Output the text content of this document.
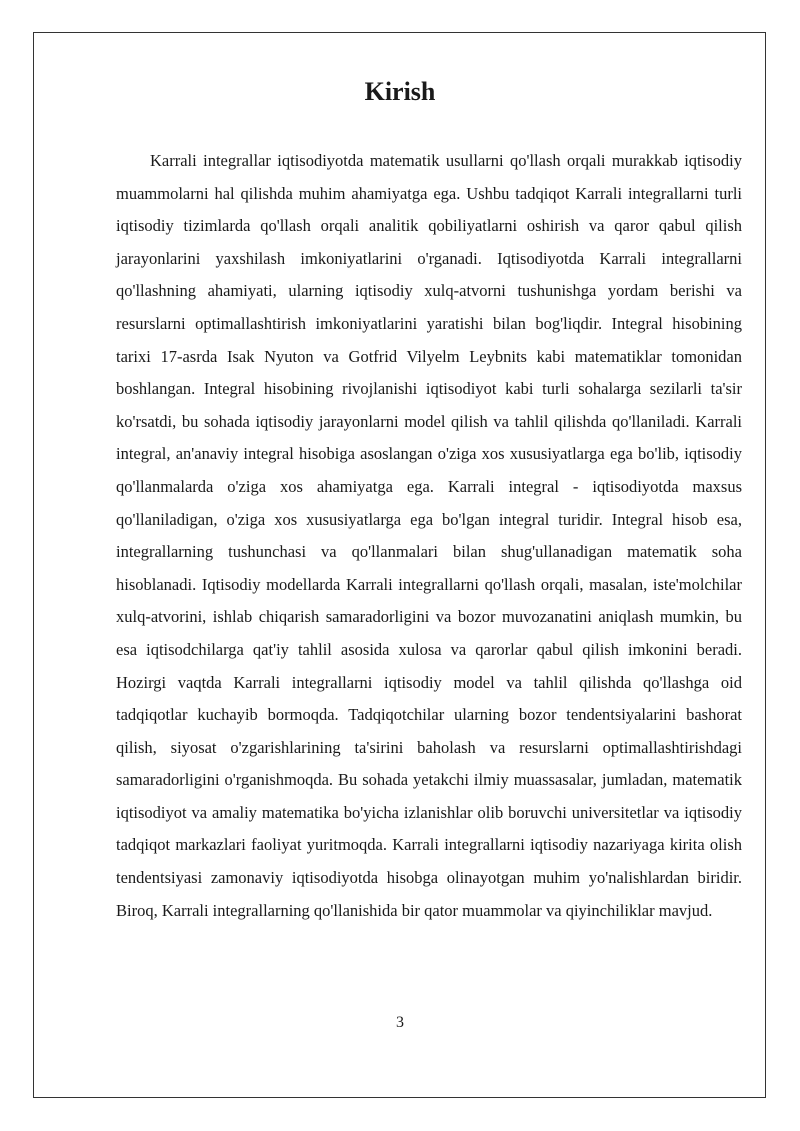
Kirish

Karrali integrallar iqtisodiyotda matematik usullarni qo'llash orqali murakkab iqtisodiy muammolarni hal qilishda muhim ahamiyatga ega. Ushbu tadqiqot Karrali integrallarni turli iqtisodiy tizimlarda qo'llash orqali analitik qobiliyatlarni oshirish va qaror qabul qilish jarayonlarini yaxshilash imkoniyatlarini o'rganadi. Iqtisodiyotda Karrali integrallarni qo'llashning ahamiyati, ularning iqtisodiy xulq-atvorni tushunishga yordam berishi va resurslarni optimallashtirish imkoniyatlarini yaratishi bilan bog'liqdir. Integral hisobining tarixi 17-asrda Isak Nyuton va Gotfrid Vilyelm Leybnits kabi matematiklar tomonidan boshlangan. Integral hisobining rivojlanishi iqtisodiyot kabi turli sohalarga sezilarli ta'sir ko'rsatdi, bu sohada iqtisodiy jarayonlarni model qilish va tahlil qilishda qo'llaniladi. Karrali integral, an'anaviy integral hisobiga asoslangan o'ziga xos xususiyatlarga ega bo'lib, iqtisodiy qo'llanmalarda o'ziga xos ahamiyatga ega. Karrali integral - iqtisodiyotda maxsus qo'llaniladigan, o'ziga xos xususiyatlarga ega bo'lgan integral turidir. Integral hisob esa, integrallarning tushunchasi va qo'llanmalari bilan shug'ullanadigan matematik soha hisoblanadi. Iqtisodiy modellarda Karrali integrallarni qo'llash orqali, masalan, iste'molchilar xulq-atvorini, ishlab chiqarish samaradorligini va bozor muvozanatini aniqlash mumkin, bu esa iqtisodchilarga qat'iy tahlil asosida xulosa va qarorlar qabul qilish imkonini beradi. Hozirgi vaqtda Karrali integrallarni iqtisodiy model va tahlil qilishda qo'llashga oid tadqiqotlar kuchayib bormoqda. Tadqiqotchilar ularning bozor tendentsiyalarini bashorat qilish, siyosat o'zgarishlarining ta'sirini baholash va resurslarni optimallashtirishdagi samaradorligini o'rganishmoqda. Bu sohada yetakchi ilmiy muassasalar, jumladan, matematik iqtisodiyot va amaliy matematika bo'yicha izlanishlar olib boruvchi universitetlar va iqtisodiy tadqiqot markazlari faoliyat yuritmoqda. Karrali integrallarni iqtisodiy nazariyaga kirita olish tendentsiyasi zamonaviy iqtisodiyotda hisobga olinayotgan muhim yo'nalishlardan biridir. Biroq, Karrali integrallarning qo'llanishida bir qator muammolar va qiyinchiliklar mavjud.

3
